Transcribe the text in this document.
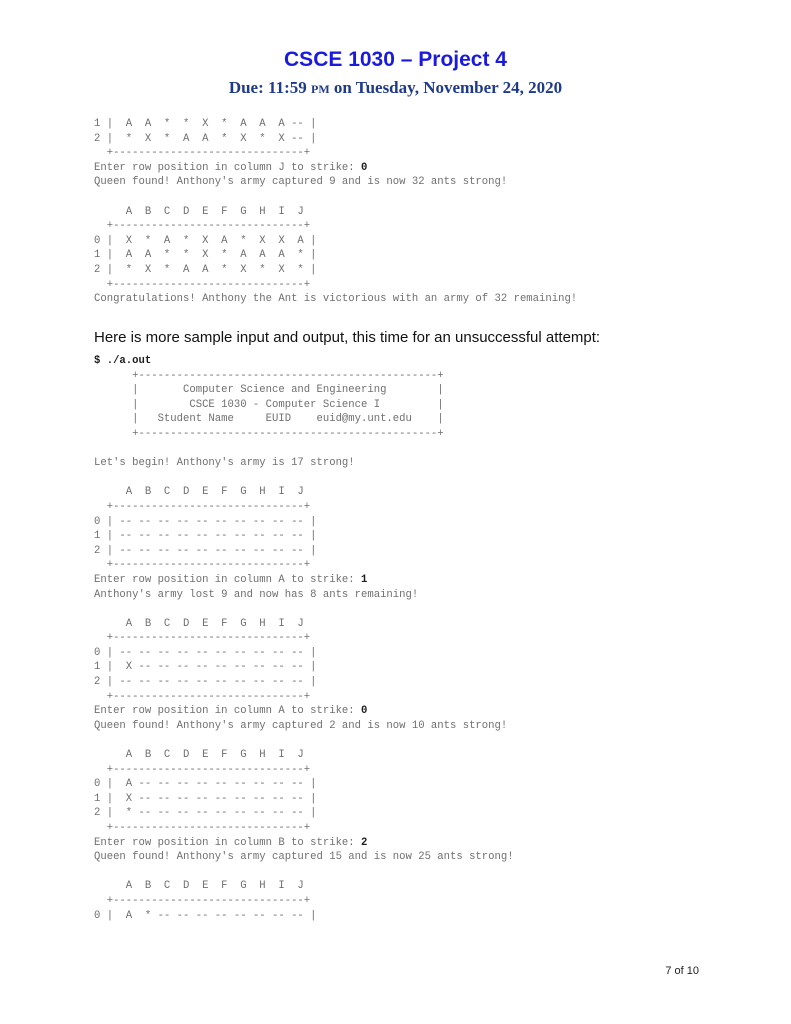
CSCE 1030 – Project 4

Due: 11:59 PM on Tuesday, November 24, 2020

1 |  A  A  *  *  X  *  A  A  A -- |
2 |  *  X  *  A  A  *  X  *  X -- |
+------------------------------+
Enter row position in column J to strike: 0
Queen found! Anthony's army captured 9 and is now 32 ants strong!

A  B  C  D  E  F  G  H  I  J
+------------------------------+
0 |  X  *  A  *  X  A  *  X  X  A |
1 |  A  A  *  *  X  *  A  A  A  * |
2 |  *  X  *  A  A  *  X  *  X  * |
+------------------------------+
Congratulations! Anthony the Ant is victorious with an army of 32 remaining!

Here is more sample input and output, this time for an unsuccessful attempt:

$ ./a.out
+-----------------------------------------------+
|       Computer Science and Engineering        |
|        CSCE 1030 - Computer Science I         |
|   Student Name     EUID    euid@my.unt.edu    |
+-----------------------------------------------+

Let's begin! Anthony's army is 17 strong!

A  B  C  D  E  F  G  H  I  J
+------------------------------+
0 | -- -- -- -- -- -- -- -- -- -- |
1 | -- -- -- -- -- -- -- -- -- -- |
2 | -- -- -- -- -- -- -- -- -- -- |
+------------------------------+
Enter row position in column A to strike: 1
Anthony's army lost 9 and now has 8 ants remaining!

A  B  C  D  E  F  G  H  I  J
+------------------------------+
0 | -- -- -- -- -- -- -- -- -- -- |
1 |  X -- -- -- -- -- -- -- -- -- |
2 | -- -- -- -- -- -- -- -- -- -- |
+------------------------------+
Enter row position in column A to strike: 0
Queen found! Anthony's army captured 2 and is now 10 ants strong!

A  B  C  D  E  F  G  H  I  J
+------------------------------+
0 |  A -- -- -- -- -- -- -- -- -- |
1 |  X -- -- -- -- -- -- -- -- -- |
2 |  * -- -- -- -- -- -- -- -- -- |
+------------------------------+
Enter row position in column B to strike: 2
Queen found! Anthony's army captured 15 and is now 25 ants strong!

A  B  C  D  E  F  G  H  I  J
+------------------------------+
0 |  A  * -- -- -- -- -- -- -- -- |
7 of 10
